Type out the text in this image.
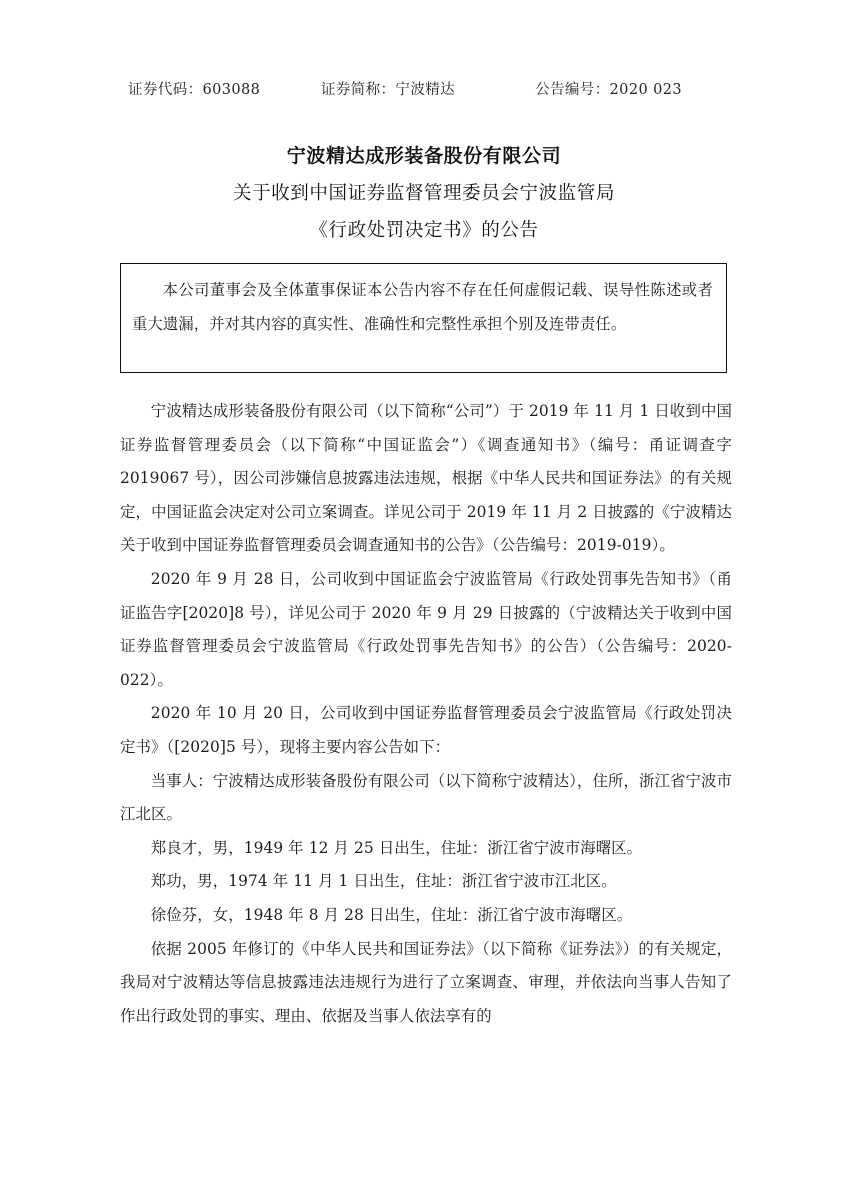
证券代码：603088	证券简称：宁波精达	公告编号：2020 023
宁波精达成形装备股份有限公司
关于收到中国证券监督管理委员会宁波监管局
《行政处罚决定书》的公告
本公司董事会及全体董事保证本公告内容不存在任何虚假记载、误导性陈述或者重大遗漏，并对其内容的真实性、准确性和完整性承担个别及连带责任。

宁波精达成形装备股份有限公司（以下简称“公司”）于 2019 年 11 月 1 日收到中国证券监督管理委员会（以下简称“中国证监会”）《调查通知书》（编号：甬证调查字 2019067 号），因公司涉嫌信息披露违法违规，根据《中华人民共和国证券法》的有关规定，中国证监会决定对公司立案调查。详见公司于 2019 年 11 月 2 日披露的《宁波精达关于收到中国证券监督管理委员会调查通知书的公告》（公告编号：2019-019）。

2020 年 9 月 28 日，公司收到中国证监会宁波监管局《行政处罚事先告知书》（甬证监告字[2020]8 号），详见公司于 2020 年 9 月 29 日披露的（宁波精达关于收到中国证券监督管理委员会宁波监管局《行政处罚事先告知书》的公告）（公告编号：2020-022）。

2020 年 10 月 20 日，公司收到中国证券监督管理委员会宁波监管局《行政处罚决定书》（[2020]5 号），现将主要内容公告如下：

当事人：宁波精达成形装备股份有限公司（以下简称宁波精达），住所，浙江省宁波市江北区。

郑良才，男，1949 年 12 月 25 日出生，住址：浙江省宁波市海曙区。

郑功，男，1974 年 11 月 1 日出生，住址：浙江省宁波市江北区。

徐俭芬，女，1948 年 8 月 28 日出生，住址：浙江省宁波市海曙区。

依据 2005 年修订的《中华人民共和国证券法》（以下简称《证券法》）的有关规定，我局对宁波精达等信息披露违法违规行为进行了立案调查、审理，并依法向当事人告知了作出行政处罚的事实、理由、依据及当事人依法享有的
